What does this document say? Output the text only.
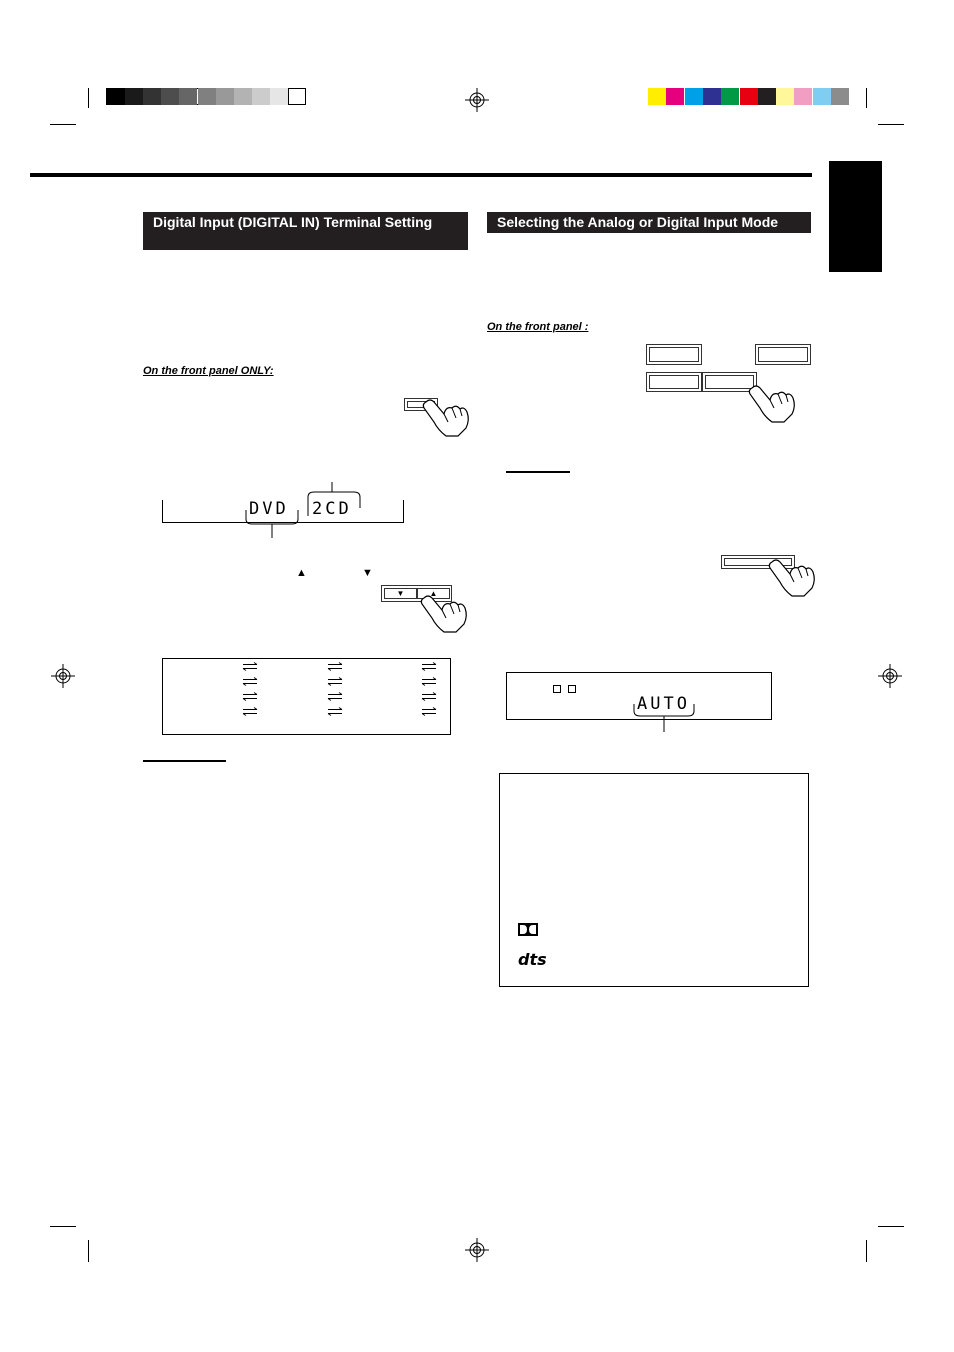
Digital Input (DIGITAL IN) Terminal Setting
On the front panel ONLY:
DVD 2CD
▲	▼
▼	▲
Selecting the Analog or Digital Input Mode
On the front panel :
AUTO
dts
